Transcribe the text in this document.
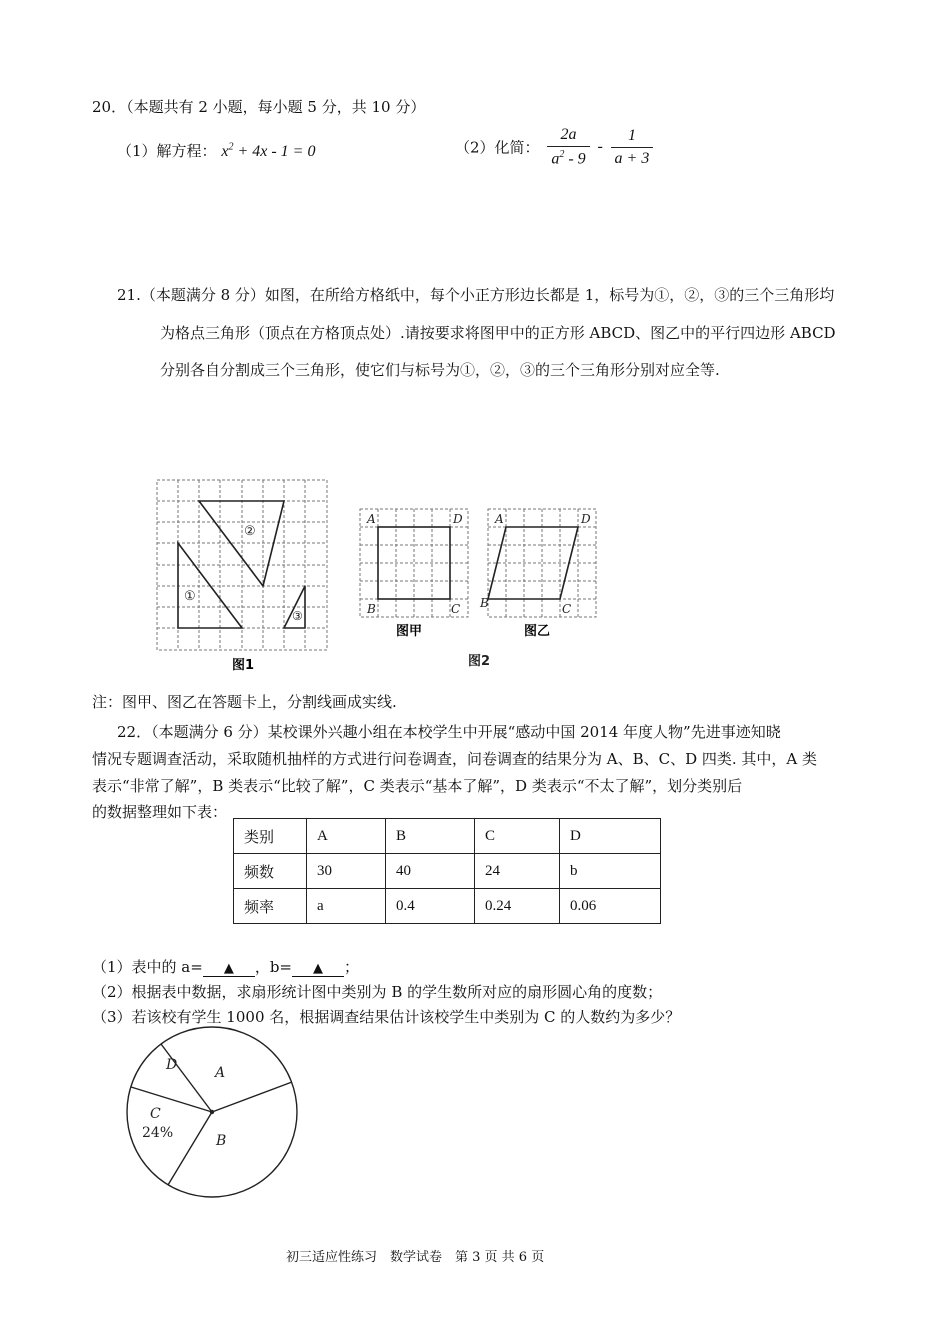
20．（本题共有 2 小题，每小题 5 分，共 10 分）
（1）解方程： $x^2 + 4x - 1 = 0$	（2）化简： $\frac{2a}{a^2 - 9} - \frac{1}{a + 3}$
21.（本题满分 8 分）如图，在所给方格纸中，每个小正方形边长都是 1，标号为①，②，③的三个三角形均
为格点三角形（顶点在方格顶点处）.请按要求将图甲中的正方形 ABCD、图乙中的平行四边形 ABCD
分别各自分割成三个三角形，使它们与标号为①，②，③的三个三角形分别对应全等.
②
①
③
图1
A	D
B	C
图甲
A	D
B	C
图乙
图2
注：图甲、图乙在答题卡上，分割线画成实线.
22．（本题满分 6 分）某校课外兴趣小组在本校学生中开展“感动中国 2014 年度人物”先进事迹知晓
情况专题调查活动，采取随机抽样的方式进行问卷调查，问卷调查的结果分为 A、B、C、D 四类. 其中，A 类
表示“非常了解”，B 类表示“比较了解”，C 类表示“基本了解”，D 类表示“不太了解”，划分类别后
的数据整理如下表：
类别	A	B	C	D
频数	30	40	24	b
频率	a	0.4	0.24	0.06
（1）表中的 a= ▲ ，b= ▲ ；
（2）根据表中数据，求扇形统计图中类别为 B 的学生数所对应的扇形圆心角的度数；
（3）若该校有学生 1000 名，根据调查结果估计该校学生中类别为 C 的人数约为多少？
A
D
C
24%	B
初三适应性练习　数学试卷　第 3 页 共 6 页
